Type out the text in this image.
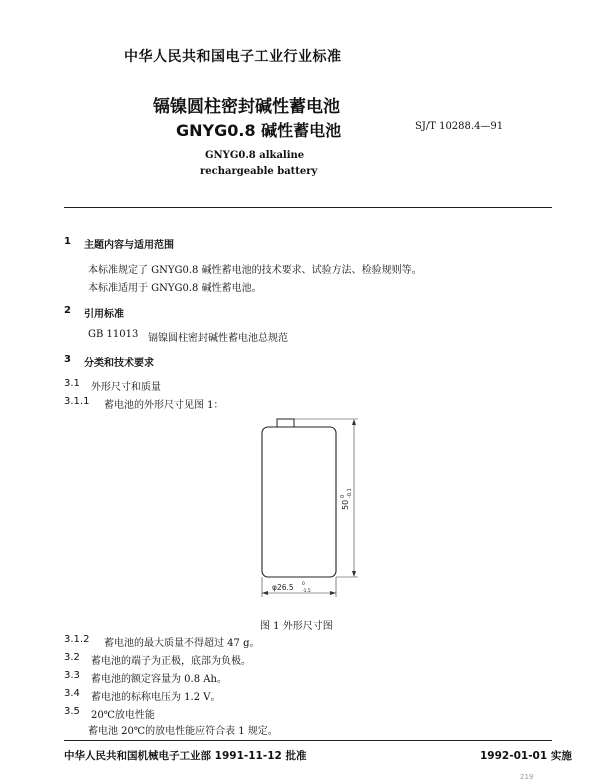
中华人民共和国电子工业行业标准
镉镍圆柱密封碱性蓄电池
GNYG0.8 碱性蓄电池	SJ/T 10288.4—91
GNYG0.8 alkaline
rechargeable battery
1 主题内容与适用范围
本标准规定了 GNYG0.8 碱性蓄电池的技术要求、试验方法、检验规则等。
本标准适用于 GNYG0.8 碱性蓄电池。
2 引用标准
GB 11013 镉镍圆柱密封碱性蓄电池总规范
3 分类和技术要求
3.1 外形尺寸和质量
3.1.1 蓄电池的外形尺寸见图 1：
50
0 -0.1
φ26.5 0
-1.5
图 1 外形尺寸图
3.1.2 蓄电池的最大质量不得超过 47 g。
3.2 蓄电池的端子为正极，底部为负极。
3.3 蓄电池的额定容量为 0.8 Ah。
3.4 蓄电池的标称电压为 1.2 V。
3.5 20℃放电性能
蓄电池 20℃的放电性能应符合表 1 规定。
中华人民共和国机械电子工业部 1991-11-12 批准	1992-01-01 实施
219
